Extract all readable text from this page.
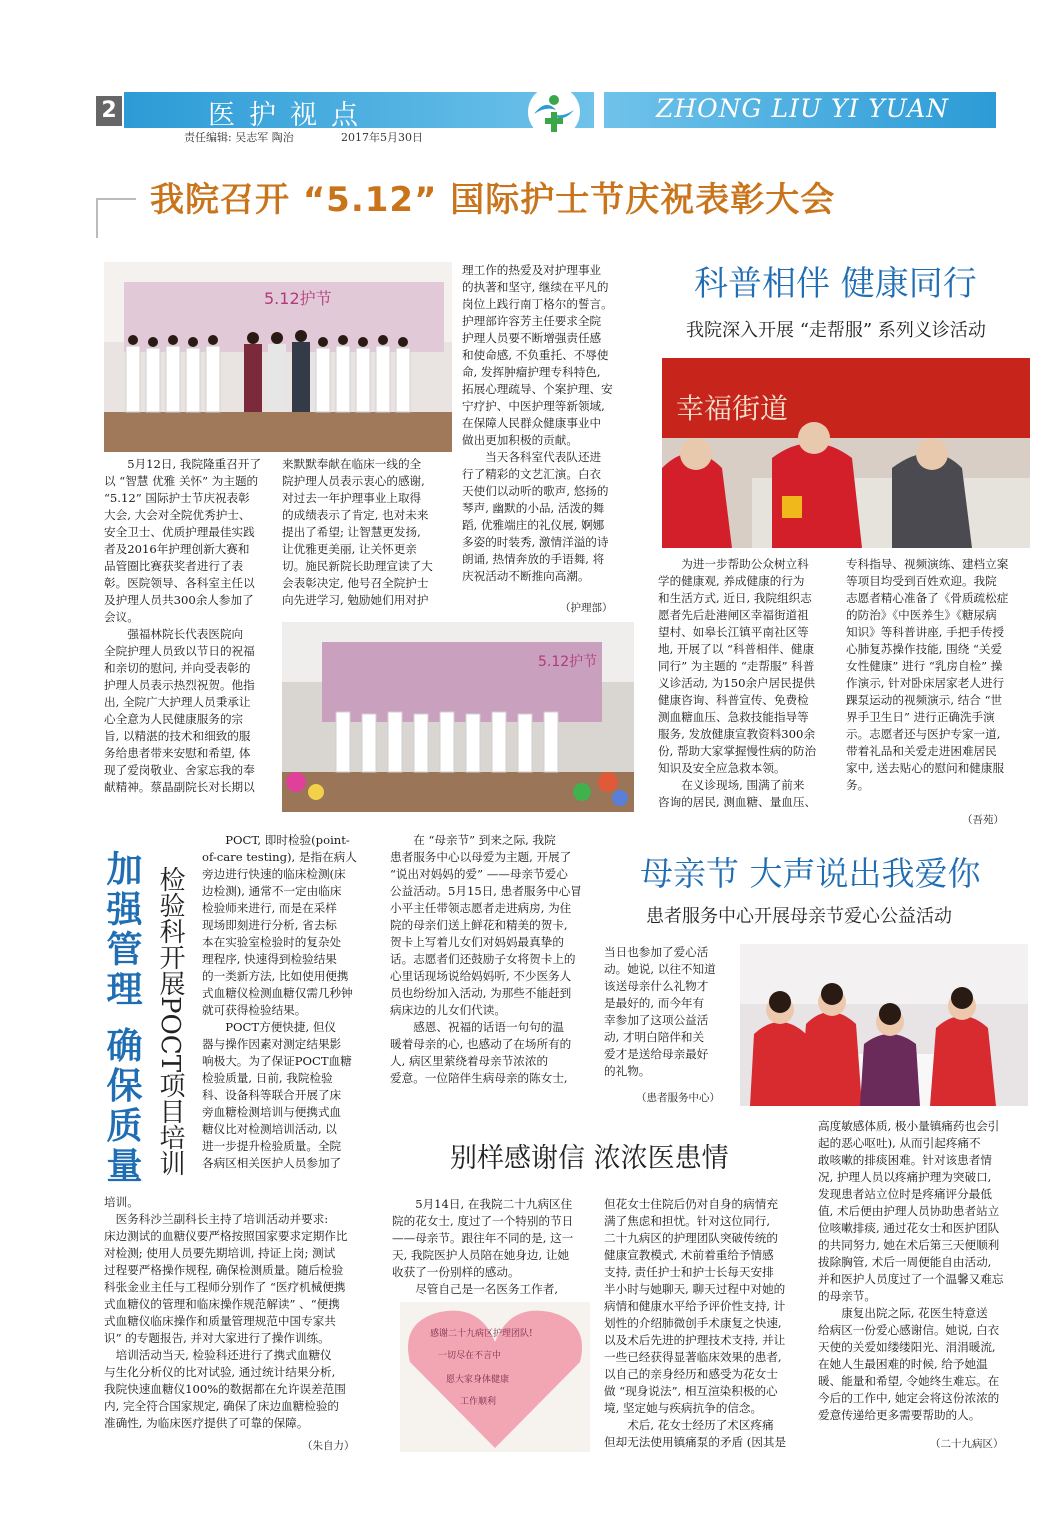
2	医护视点
责任编辑: 吴志军 陶治	2017年5月30日
ZHONG LIU YI YUAN
我院召开 “5.12” 国际护士节庆祝表彰大会
5.12护节
5月12日, 我院隆重召开了
以 “智慧 优雅 关怀” 为主题的
“5.12” 国际护士节庆祝表彰
大会, 大会对全院优秀护士、
安全卫士、优质护理最佳实践
者及2016年护理创新大赛和
品管圈比赛获奖者进行了表
彰。医院领导、各科室主任以
及护理人员共300余人参加了
会议。
强福林院长代表医院向
全院护理人员致以节日的祝福
和亲切的慰问, 并向受表彰的
护理人员表示热烈祝贺。他指
出, 全院广大护理人员秉承让
心全意为人民健康服务的宗
旨, 以精湛的技术和细致的服
务给患者带来安慰和希望, 体
现了爱岗敬业、舍家忘我的奉
献精神。蔡晶副院长对长期以
来默默奉献在临床一线的全
院护理人员表示衷心的感谢,
对过去一年护理事业上取得
的成绩表示了肯定, 也对未来
提出了希望; 让智慧更发扬,
让优雅更美丽, 让关怀更亲
切。施民新院长助理宣读了大
会表彰决定, 他号召全院护士
向先进学习, 勉励她们用对护
理工作的热爱及对护理事业
的执著和坚守, 继续在平凡的
岗位上践行南丁格尔的誓言。
护理部许容芳主任要求全院
护理人员要不断增强责任感
和使命感, 不负重托、不辱使
命, 发挥肿瘤护理专科特色,
拓展心理疏导、个案护理、安
宁疗护、中医护理等新领域,
在保障人民群众健康事业中
做出更加积极的贡献。
当天各科室代表队还进
行了精彩的文艺汇演。白衣
天使们以动听的歌声, 悠扬的
琴声, 幽默的小品, 活泼的舞
蹈, 优雅端庄的礼仪展, 婀娜
多姿的时装秀, 激情洋溢的诗
朗诵, 热情奔放的手语舞, 将
庆祝活动不断推向高潮。
（护理部）
5.12护节
科普相伴 健康同行
我院深入开展 “走帮服” 系列义诊活动
幸福街道
为进一步帮助公众树立科
学的健康观, 养成健康的行为
和生活方式, 近日, 我院组织志
愿者先后赴港闸区幸福街道祖
望村、如皋长江镇平南社区等
地, 开展了以 “科普相伴、健康
同行” 为主题的 “走帮服” 科普
义诊活动, 为150余户居民提供
健康咨询、科普宣传、免费检
测血糖血压、急救技能指导等
服务, 发放健康宣教资料300余
份, 帮助大家掌握慢性病的防治
知识及安全应急救本领。
在义诊现场, 围满了前来
咨询的居民, 测血糖、量血压、
专科指导、视频演练、建档立案
等项目均受到百姓欢迎。我院
志愿者精心准备了《骨质疏松症
的防治》《中医养生》《糖尿病
知识》等科普讲座, 手把手传授
心肺复苏操作技能, 围绕 “关爱
女性健康” 进行 “乳房自检” 操
作演示, 针对卧床居家老人进行
踝泵运动的视频演示, 结合 “世
界手卫生日” 进行正确洗手演
示。志愿者还与医护专家一道,
带着礼品和关爱走进困难居民
家中, 送去贴心的慰问和健康服
务。
（吾苑）
加强管理 确保质量 检验科开展POCT项目培训
POCT, 即时检验(point-
of-care testing), 是指在病人
旁边进行快速的临床检测(床
边检测), 通常不一定由临床
检验师来进行, 而是在采样
现场即刻进行分析, 省去标
本在实验室检验时的复杂处
理程序, 快速得到检验结果
的一类新方法, 比如使用便携
式血糖仪检测血糖仅需几秒钟
就可获得检验结果。
POCT方便快捷, 但仪
器与操作因素对测定结果影
响极大。为了保证POCT血糖
检验质量, 日前, 我院检验
科、设备科等联合开展了床
旁血糖检测培训与便携式血
糖仪比对检测培训活动, 以
进一步提升检验质量。全院
各病区相关医护人员参加了
培训。
医务科沙兰副科长主持了培训活动并要求:
床边测试的血糖仪要严格按照国家要求定期作比
对检测; 使用人员要先期培训, 持证上岗; 测试
过程要严格操作规程, 确保检测质量。随后检验
科张金业主任与工程师分别作了 “医疗机械便携
式血糖仪的管理和临床操作规范解读” 、“便携
式血糖仪临床操作和质量管理规范中国专家共
识” 的专题报告, 并对大家进行了操作训练。
培训活动当天, 检验科还进行了携式血糖仪
与生化分析仪的比对试验, 通过统计结果分析,
我院快速血糖仪100%的数据都在允许误差范围
内, 完全符合国家规定, 确保了床边血糖检验的
准确性, 为临床医疗提供了可靠的保障。
（朱自力）
在 “母亲节” 到来之际, 我院
患者服务中心以母爱为主题, 开展了
“说出对妈妈的爱” ——母亲节爱心
公益活动。5月15日, 患者服务中心冒
小平主任带领志愿者走进病房, 为住
院的母亲们送上鲜花和精美的贺卡,
贺卡上写着儿女们对妈妈最真挚的
话。志愿者们还鼓励子女将贺卡上的
心里话现场说给妈妈听, 不少医务人
员也纷纷加入活动, 为那些不能赶到
病床边的儿女们代读。
感恩、祝福的话语一句句的温
暖着母亲的心, 也感动了在场所有的
人, 病区里萦绕着母亲节浓浓的
爱意。一位陪伴生病母亲的陈女士,
母亲节 大声说出我爱你
患者服务中心开展母亲节爱心公益活动
当日也参加了爱心活
动。她说, 以往不知道
该送母亲什么礼物才
是最好的, 而今年有
幸参加了这项公益活
动, 才明白陪伴和关
爱才是送给母亲最好
的礼物。
（患者服务中心）
别样感谢信 浓浓医患情
5月14日, 在我院二十九病区住
院的花女士, 度过了一个特别的节日
——母亲节。跟往年不同的是, 这一
天, 我院医护人员陪在她身边, 让她
收获了一份别样的感动。
尽管自己是一名医务工作者,
感谢二十九病区护理团队!
一切尽在不言中
愿大家身体健康
工作顺利
但花女士住院后仍对自身的病情充
满了焦虑和担忧。针对这位同行,
二十九病区的护理团队突破传统的
健康宣教模式, 术前着重给予情感
支持, 责任护士和护士长每天安排
半小时与她聊天, 聊天过程中对她的
病情和健康水平给予评价性支持, 计
划性的介绍肺微创手术康复之快速,
以及术后先进的护理技术支持, 并让
一些已经获得显著临床效果的患者,
以自己的亲身经历和感受为花女士
做 “现身说法”, 相互渲染积极的心
境, 坚定她与疾病抗争的信念。
术后, 花女士经历了术区疼痛
但却无法使用镇痛泵的矛盾 (因其是
高度敏感体质, 极小量镇痛药也会引
起的恶心呕吐), 从而引起疼痛不
敢咳嗽的排痰困难。针对该患者情
况, 护理人员以疼痛护理为突破口,
发现患者站立位时是疼痛评分最低
值, 术后便由护理人员协助患者站立
位咳嗽排痰, 通过花女士和医护团队
的共同努力, 她在术后第三天便顺利
拔除胸管, 术后一周便能自由活动,
并和医护人员度过了一个温馨又难忘
的母亲节。
康复出院之际, 花医生特意送
给病区一份爱心感谢信。她说, 白衣
天使的关爱如缕缕阳光、涓涓暖流,
在她人生最困难的时候, 给予她温
暖、能量和希望, 令她终生难忘。在
今后的工作中, 她定会将这份浓浓的
爱意传递给更多需要帮助的人。
（二十九病区）
